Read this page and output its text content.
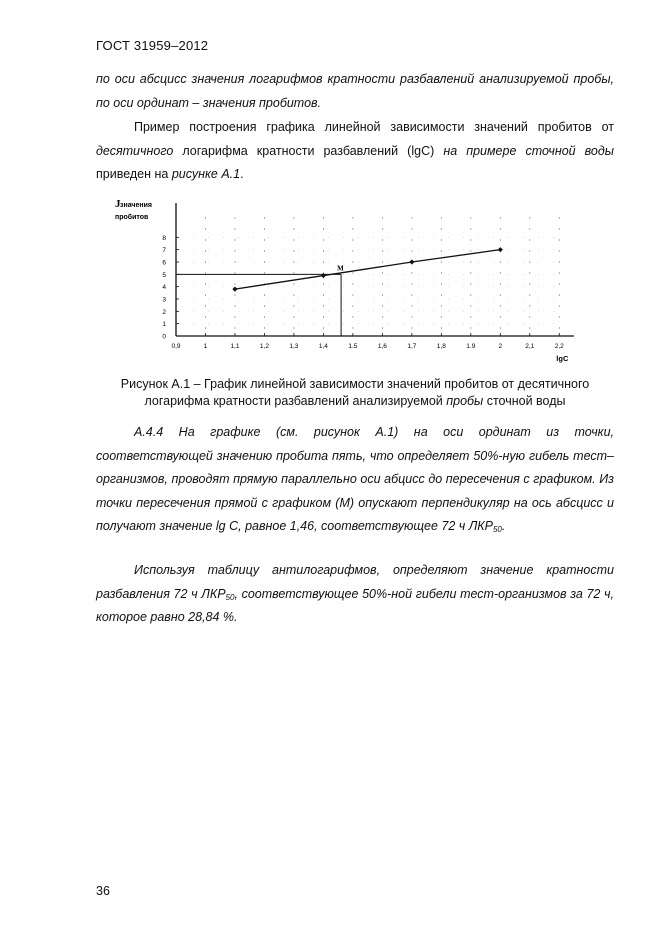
ГОСТ 31959–2012

по оси абсцисс значения логарифмов кратности разбавлений анализируемой пробы, по оси ординат – значения пробитов.

Пример построения графика линейной зависимости значений пробитов от десятичного логарифма кратности разбавлений (lgC) на примере сточной воды приведен на рисунке А.1.

J значения
пробитов
M
0,9	1	1,1	1,2	1,3	1,4	1.5	1,6	1,7	1,8	1.9	2	2,1	2,2
0
1
2
3
4
5
6
7
8
lgC
Рисунок А.1 – График линейной зависимости значений пробитов от десятичного
логарифма кратности разбавлений анализируемой пробы сточной воды

А.4.4 На графике (см. рисунок А.1) на оси ординат из точки, соответствующей значению пробита пять, что определяет 50%-ную гибель тест–организмов, проводят прямую параллельно оси абцисс до пересечения с графиком. Из точки пересечения прямой с графиком (М) опускают перпендикуляр на ось абсцисс и получают значение lg C, равное 1,46, соответствующее 72 ч $ЛКР_{50}$.

Используя таблицу антилогарифмов, определяют значение кратности разбавления 72 ч $ЛКР_{50}$, соответствующее 50%-ной гибели тест-организмов за 72 ч, которое равно 28,84 %.

36
